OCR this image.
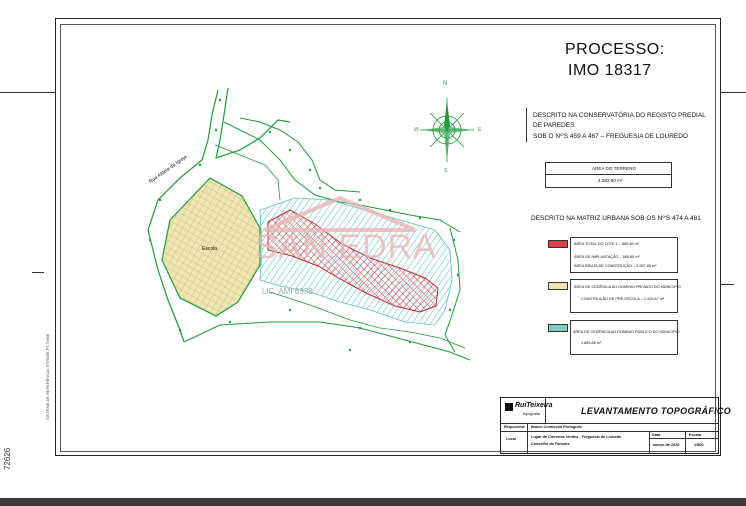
72626
SISTEMA DE REFERÊNCIA: ETRS89-PT-TM06
Rua Aldeia da Igreja
Escola SAN EDRA
LIC. AMI 6338
N
E
W
S
PROCESSO:
IMO 18317
DESCRITO NA CONSERVATÓRIA DO REGISTO PREDIAL
DE PAREDES
SOB O Nº'S 459 A 467 – FREGUESIA DE LOUREDO
ÁREA DO TERRENO
4.082,50 m²
DESCRITO NA MATRIZ URBANA SOB OS Nº'S 474 A 481
ÁREA TOTAL DO LOTE 1 – 885,85 m²
ÁREA DE IMPLANTAÇÃO – 885,85 m²
ÁREA BRUTA DE CONSTRUÇÃO – 3.657,85 m²
ÁREA DE CEDÊNCIA AO DOMINIO PRIVADO DO MUNICIPIO
CONSTRUÇÃO DE PRÉ-ESCOLA – 1.310,67 m²
ÁREA DE CEDÊNCIA AO DOMINIO PÚBLICO DO MUNICIPIO
1.885,86 m²
RuiTeixeira
topografia	LEVANTAMENTO TOPOGRÁFICO
Requerente Banco Comercial Português
Local	Lugar de Carreiras Verdes - Freguesia de Louredo
Concelho de Paredes
Data
março de 2020
Escala
1/500
